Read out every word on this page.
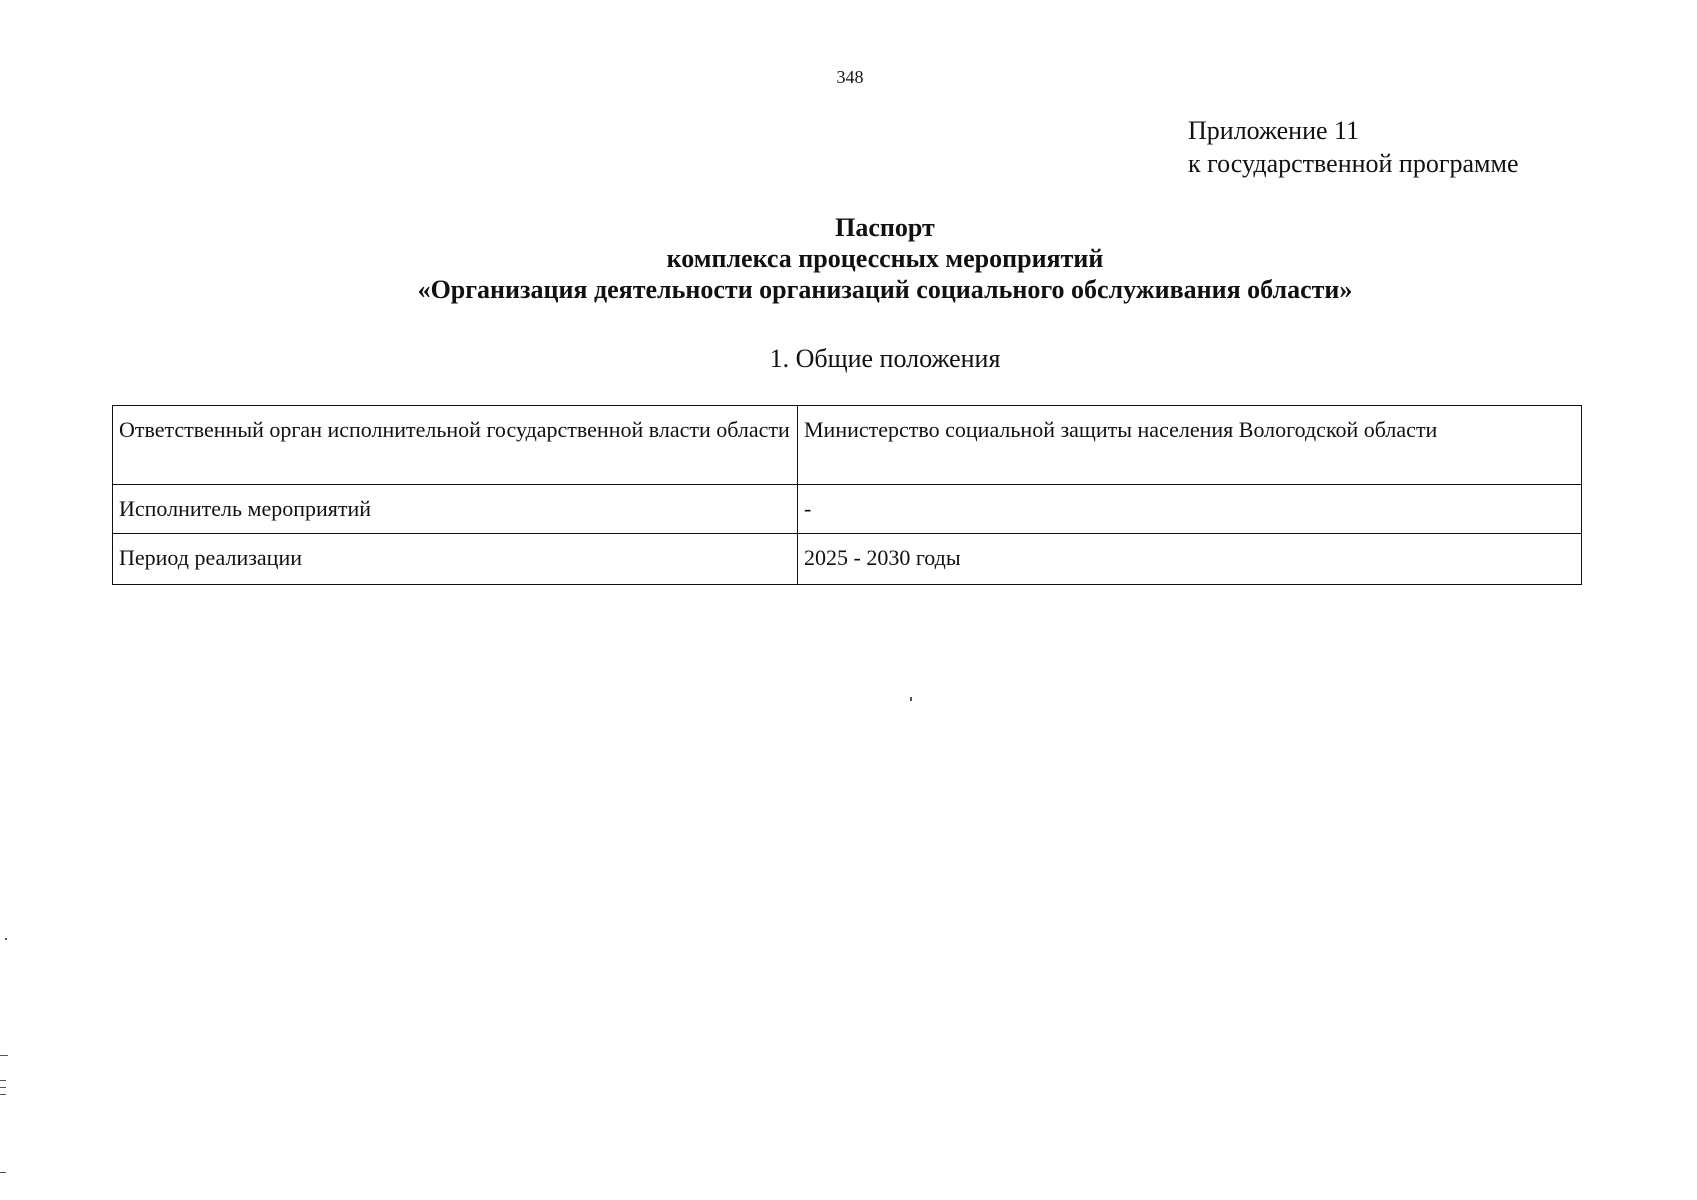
348
Приложение 11
к государственной программе
Паспорт
комплекса процессных мероприятий
«Организация деятельности организаций социального обслуживания области»
1. Общие положения
Ответственный орган исполнительной государственной власти области	Министерство социальной защиты населения Вологодской области
Исполнитель мероприятий	-
Период реализации	2025 - 2030 годы
